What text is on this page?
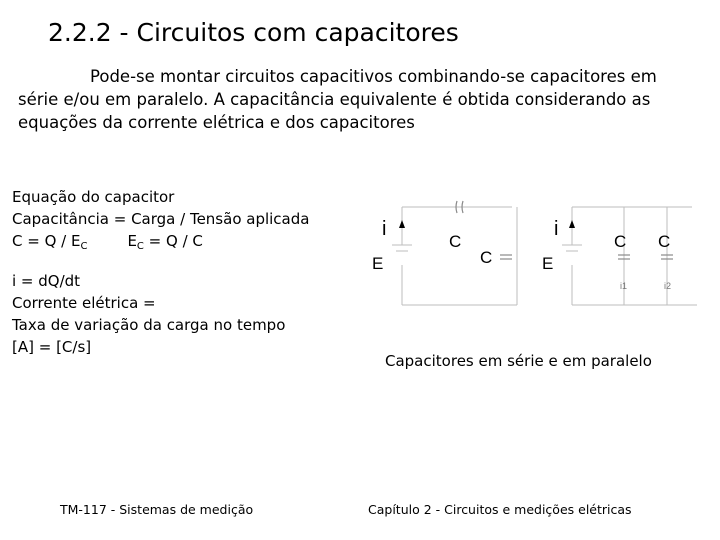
2.2.2 - Circuitos com capacitores
Pode-se montar circuitos capacitivos combinando-se capacitores em
série e/ou em paralelo. A capacitância equivalente é obtida considerando as
equações da corrente elétrica e dos capacitores
Equação do capacitor
Capacitância = Carga / Tensão aplicada
$C = Q / E_C$	$E_C = Q / C$
i = dQ/dt
Corrente elétrica =
Taxa de variação da carga no tempo
[A] = [C/s]
i
E
C
C
i
E
C C
i1	i2
Capacitores em série e em paralelo
TM-117 - Sistemas de medição	Capítulo 2 - Circuitos e medições elétricas
